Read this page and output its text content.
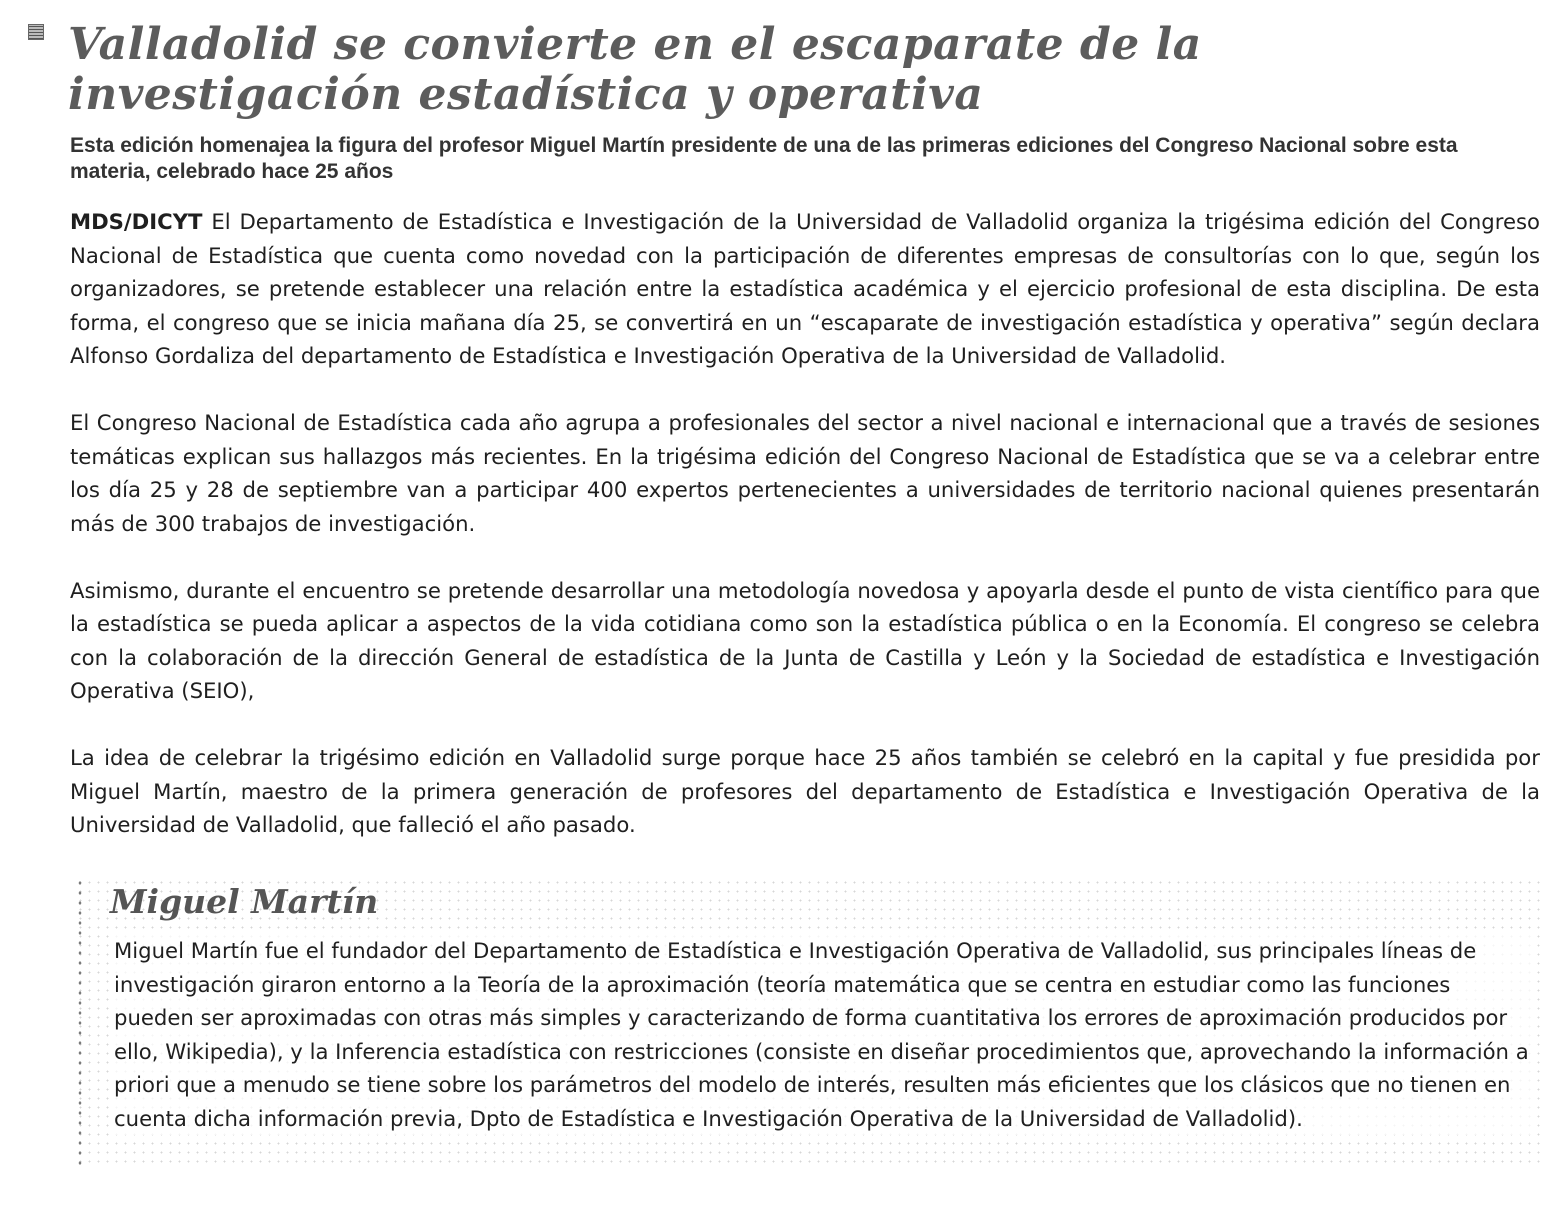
Valladolid se convierte en el escaparate de la investigación estadística y operativa

Esta edición homenajea la figura del profesor Miguel Martín presidente de una de las primeras ediciones del Congreso Nacional sobre esta materia, celebrado hace 25 años

MDS/DICYT El Departamento de Estadística e Investigación de la Universidad de Valladolid organiza la trigésima edición del Congreso Nacional de Estadística que cuenta como novedad con la participación de diferentes empresas de consultorías con lo que, según los organizadores, se pretende establecer una relación entre la estadística académica y el ejercicio profesional de esta disciplina. De esta forma, el congreso que se inicia mañana día 25, se convertirá en un “escaparate de investigación estadística y operativa” según declara Alfonso Gordaliza del departamento de Estadística e Investigación Operativa de la Universidad de Valladolid.

El Congreso Nacional de Estadística cada año agrupa a profesionales del sector a nivel nacional e internacional que a través de sesiones temáticas explican sus hallazgos más recientes. En la trigésima edición del Congreso Nacional de Estadística que se va a celebrar entre los día 25 y 28 de septiembre van a participar 400 expertos pertenecientes a universidades de territorio nacional quienes presentarán más de 300 trabajos de investigación.

Asimismo, durante el encuentro se pretende desarrollar una metodología novedosa y apoyarla desde el punto de vista científico para que la estadística se pueda aplicar a aspectos de la vida cotidiana como son la estadística pública o en la Economía. El congreso se celebra con la colaboración de la dirección General de estadística de la Junta de Castilla y León y la Sociedad de estadística e Investigación Operativa (SEIO),

La idea de celebrar la trigésimo edición en Valladolid surge porque hace 25 años también se celebró en la capital y fue presidida por Miguel Martín, maestro de la primera generación de profesores del departamento de Estadística e Investigación Operativa de la Universidad de Valladolid, que falleció el año pasado.

Miguel Martín

Miguel Martín fue el fundador del Departamento de Estadística e Investigación Operativa de Valladolid, sus principales líneas de investigación giraron entorno a la Teoría de la aproximación (teoría matemática que se centra en estudiar como las funciones pueden ser aproximadas con otras más simples y caracterizando de forma cuantitativa los errores de aproximación producidos por ello, Wikipedia), y la Inferencia estadística con restricciones (consiste en diseñar procedimientos que, aprovechando la información a priori que a menudo se tiene sobre los parámetros del modelo de interés, resulten más eficientes que los clásicos que no tienen en cuenta dicha información previa, Dpto de Estadística e Investigación Operativa de la Universidad de Valladolid).
